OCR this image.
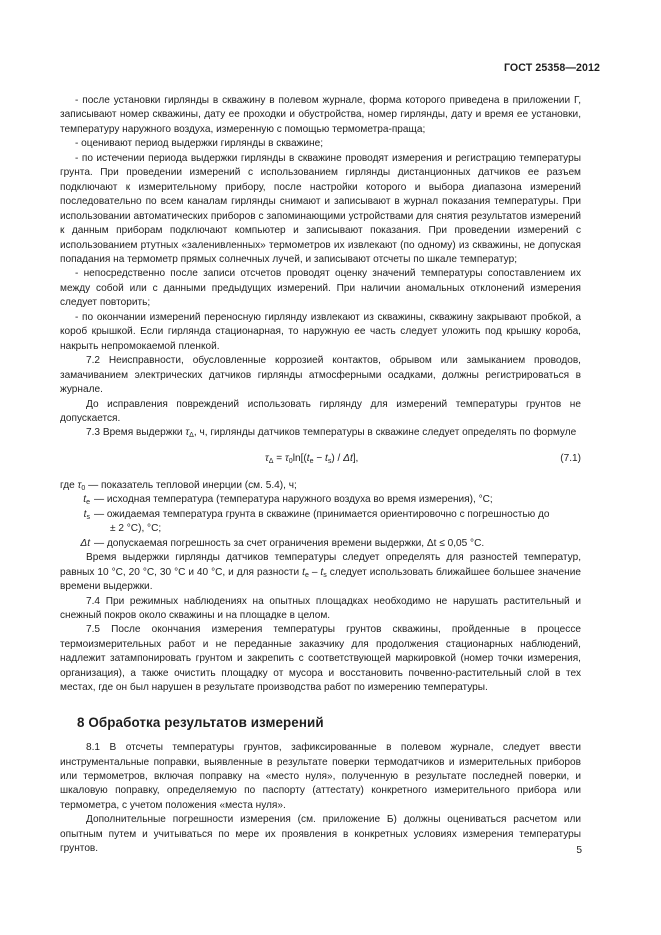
ГОСТ 25358—2012

- после установки гирлянды в скважину в полевом журнале, форма которого приведена в приложении Г, записывают номер скважины, дату ее проходки и обустройства, номер гирлянды, дату и время ее установки, температуру наружного воздуха, измеренную с помощью термометра-праща;

- оценивают период выдержки гирлянды в скважине;

- по истечении периода выдержки гирлянды в скважине проводят измерения и регистрацию температуры грунта. При проведении измерений с использованием гирлянды дистанционных датчиков ее разъем подключают к измерительному прибору, после настройки которого и выбора диапазона измерений последовательно по всем каналам гирлянды снимают и записывают в журнал показания температуры. При использовании автоматических приборов с запоминающими устройствами для снятия результатов измерений к данным приборам подключают компьютер и записывают показания. При проведении измерений с использованием ртутных «заленивленных» термометров их извлекают (по одному) из скважины, не допуская попадания на термометр прямых солнечных лучей, и записывают отсчеты по шкале температур;

- непосредственно после записи отсчетов проводят оценку значений температуры сопоставлением их между собой или с данными предыдущих измерений. При наличии аномальных отклонений измерения следует повторить;

- по окончании измерений переносную гирлянду извлекают из скважины, скважину закрывают пробкой, а короб крышкой. Если гирлянда стационарная, то наружную ее часть следует уложить под крышку короба, накрыть непромокаемой пленкой.

7.2 Неисправности, обусловленные коррозией контактов, обрывом или замыканием проводов, замачиванием электрических датчиков гирлянды атмосферными осадками, должны регистрироваться в журнале.

До исправления повреждений использовать гирлянду для измерений температуры грунтов не допускается.

7.3 Время выдержки $\tau_\Delta$, ч, гирлянды датчиков температуры в скважине следует определять по формуле

$\tau_\Delta = \tau_0\ln[(t_e - t_s) / \Delta t]$,	(7.1)
где $\tau_0$ — показатель тепловой инерции (см. 5.4), ч;
$t_e$ — исходная температура (температура наружного воздуха во время измерения), °С;
$t_s$ — ожидаемая температура грунта в скважине (принимается ориентировочно с погрешностью до
± 2 °С), °С;
Δt — допускаемая погрешность за счет ограничения времени выдержки, Δt ≤ 0,05 °С.

Время выдержки гирлянды датчиков температуры следует определять для разностей температур, равных 10 °С, 20 °С, 30 °С и 40 °С, и для разности $t_e - t_s$ следует использовать ближайшее большее значение времени выдержки.

7.4 При режимных наблюдениях на опытных площадках необходимо не нарушать растительный и снежный покров около скважины и на площадке в целом.

7.5 После окончания измерения температуры грунтов скважины, пройденные в процессе термоизмерительных работ и не переданные заказчику для продолжения стационарных наблюдений, надлежит затампонировать грунтом и закрепить с соответствующей маркировкой (номер точки измерения, организация), а также очистить площадку от мусора и восстановить почвенно-растительный слой в тех местах, где он был нарушен в результате производства работ по измерению температуры.

8 Обработка результатов измерений

8.1 В отсчеты температуры грунтов, зафиксированные в полевом журнале, следует ввести инструментальные поправки, выявленные в результате поверки термодатчиков и измерительных приборов или термометров, включая поправку на «место нуля», полученную в результате последней поверки, и шкаловую поправку, определяемую по паспорту (аттестату) конкретного измерительного прибора или термометра, с учетом положения «места нуля».

Дополнительные погрешности измерения (см. приложение Б) должны оцениваться расчетом или опытным путем и учитываться по мере их проявления в конкретных условиях измерения температуры грунтов.	5
